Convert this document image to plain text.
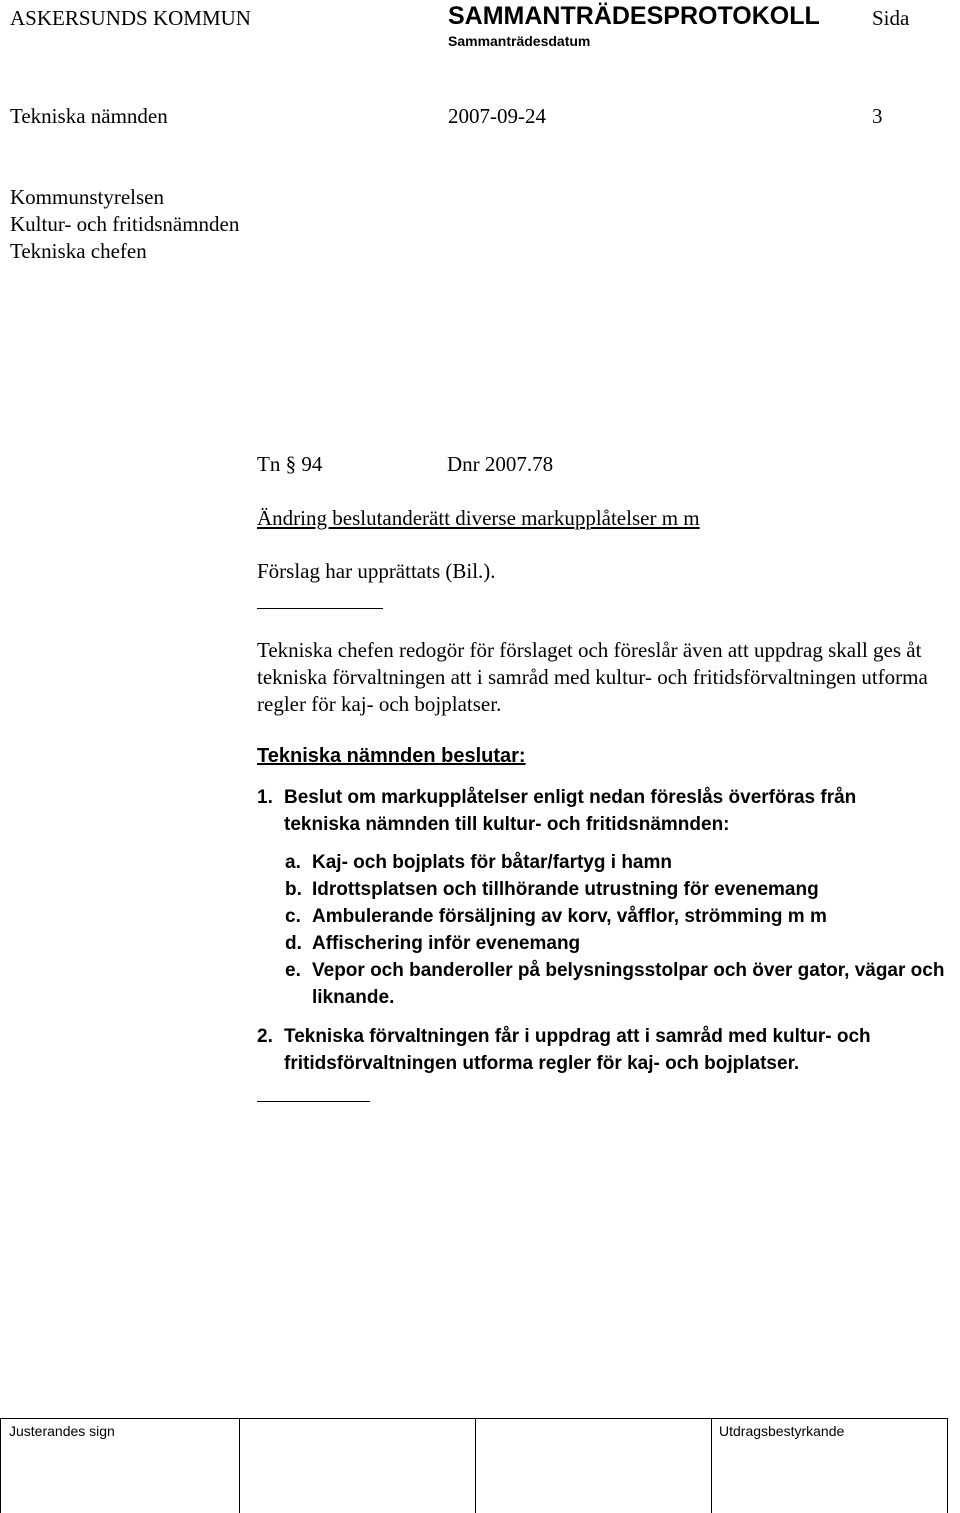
ASKERSUNDS KOMMUN	SAMMANTRÄDESPROTOKOLL Sida
Sammanträdesdatum
Tekniska nämnden	2007-09-24	3
Kommunstyrelsen
Kultur- och fritidsnämnden
Tekniska chefen
Tn § 94	Dnr 2007.78
Ändring beslutanderätt diverse markupplåtelser m m
Förslag har upprättats (Bil.).
Tekniska chefen redogör för förslaget och föreslår även att uppdrag skall ges åt tekniska förvaltningen att i samråd med kultur- och fritidsförvaltningen utforma regler för kaj- och bojplatser.
Tekniska nämnden beslutar:
1. Beslut om markupplåtelser enligt nedan föreslås överföras från tekniska nämnden till kultur- och fritidsnämnden:
a. Kaj- och bojplats för båtar/fartyg i hamn
b. Idrottsplatsen och tillhörande utrustning för evenemang
c. Ambulerande försäljning av korv, våfflor, strömming m m
d. Affischering inför evenemang
e. Vepor och banderoller på belysningsstolpar och över gator, vägar och liknande.
2. Tekniska förvaltningen får i uppdrag att i samråd med kultur- och fritidsförvaltningen utforma regler för kaj- och bojplatser.
Justerandes sign	Utdragsbestyrkande
